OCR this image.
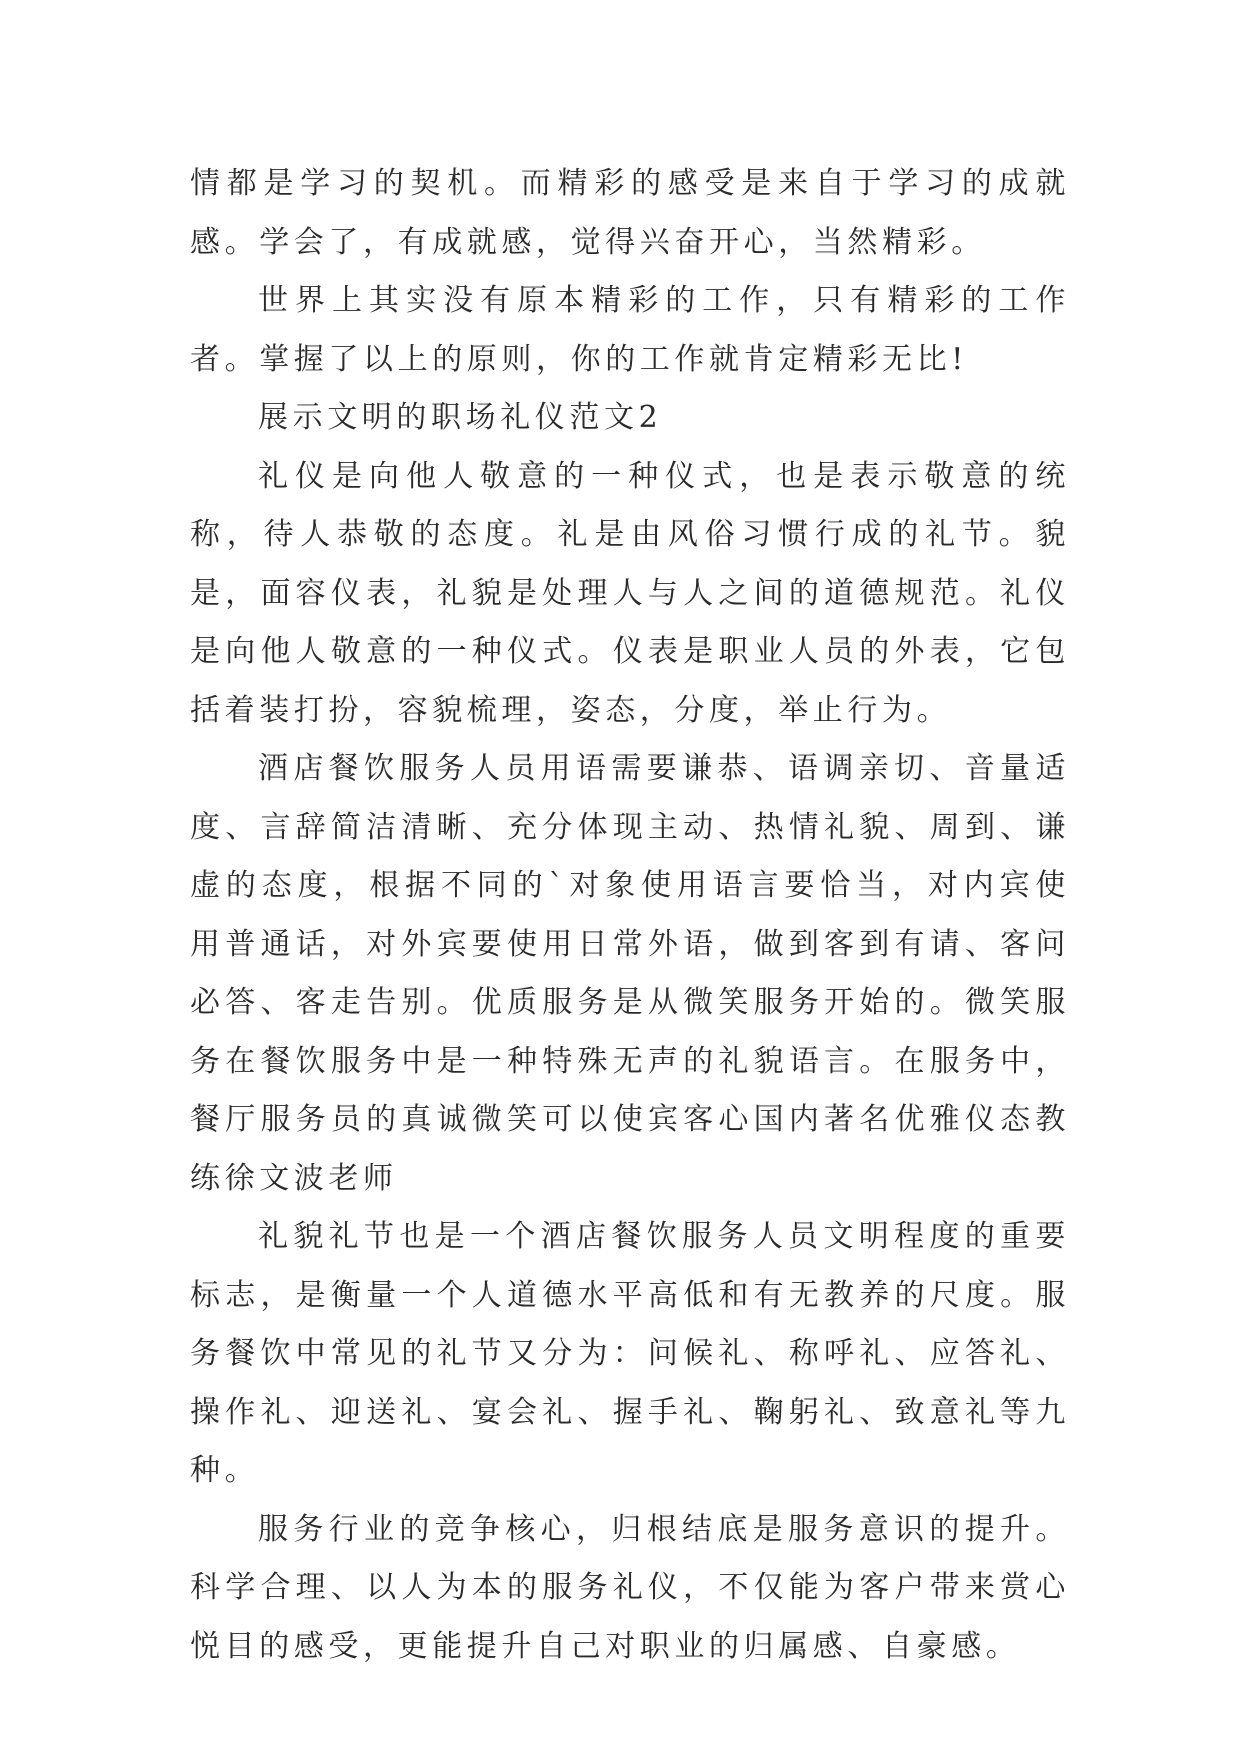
情都是学习的契机。而精彩的感受是来自于学习的成就感。学会了，有成就感，觉得兴奋开心，当然精彩。

世界上其实没有原本精彩的工作，只有精彩的工作者。掌握了以上的原则，你的工作就肯定精彩无比!

展示文明的职场礼仪范文2

礼仪是向他人敬意的一种仪式，也是表示敬意的统称，待人恭敬的态度。礼是由风俗习惯行成的礼节。貌是，面容仪表，礼貌是处理人与人之间的道德规范。礼仪是向他人敬意的一种仪式。仪表是职业人员的外表，它包括着装打扮，容貌梳理，姿态，分度，举止行为。

酒店餐饮服务人员用语需要谦恭、语调亲切、音量适度、言辞简洁清晰、充分体现主动、热情礼貌、周到、谦虚的态度，根据不同的`对象使用语言要恰当，对内宾使用普通话，对外宾要使用日常外语，做到客到有请、客问必答、客走告别。优质服务是从微笑服务开始的。微笑服务在餐饮服务中是一种特殊无声的礼貌语言。在服务中，餐厅服务员的真诚微笑可以使宾客心国内著名优雅仪态教练徐文波老师

礼貌礼节也是一个酒店餐饮服务人员文明程度的重要标志，是衡量一个人道德水平高低和有无教养的尺度。服务餐饮中常见的礼节又分为：问候礼、称呼礼、应答礼、操作礼、迎送礼、宴会礼、握手礼、鞠躬礼、致意礼等九种。

服务行业的竞争核心，归根结底是服务意识的提升。科学合理、以人为本的服务礼仪，不仅能为客户带来赏心悦目的感受，更能提升自己对职业的归属感、自豪感。
